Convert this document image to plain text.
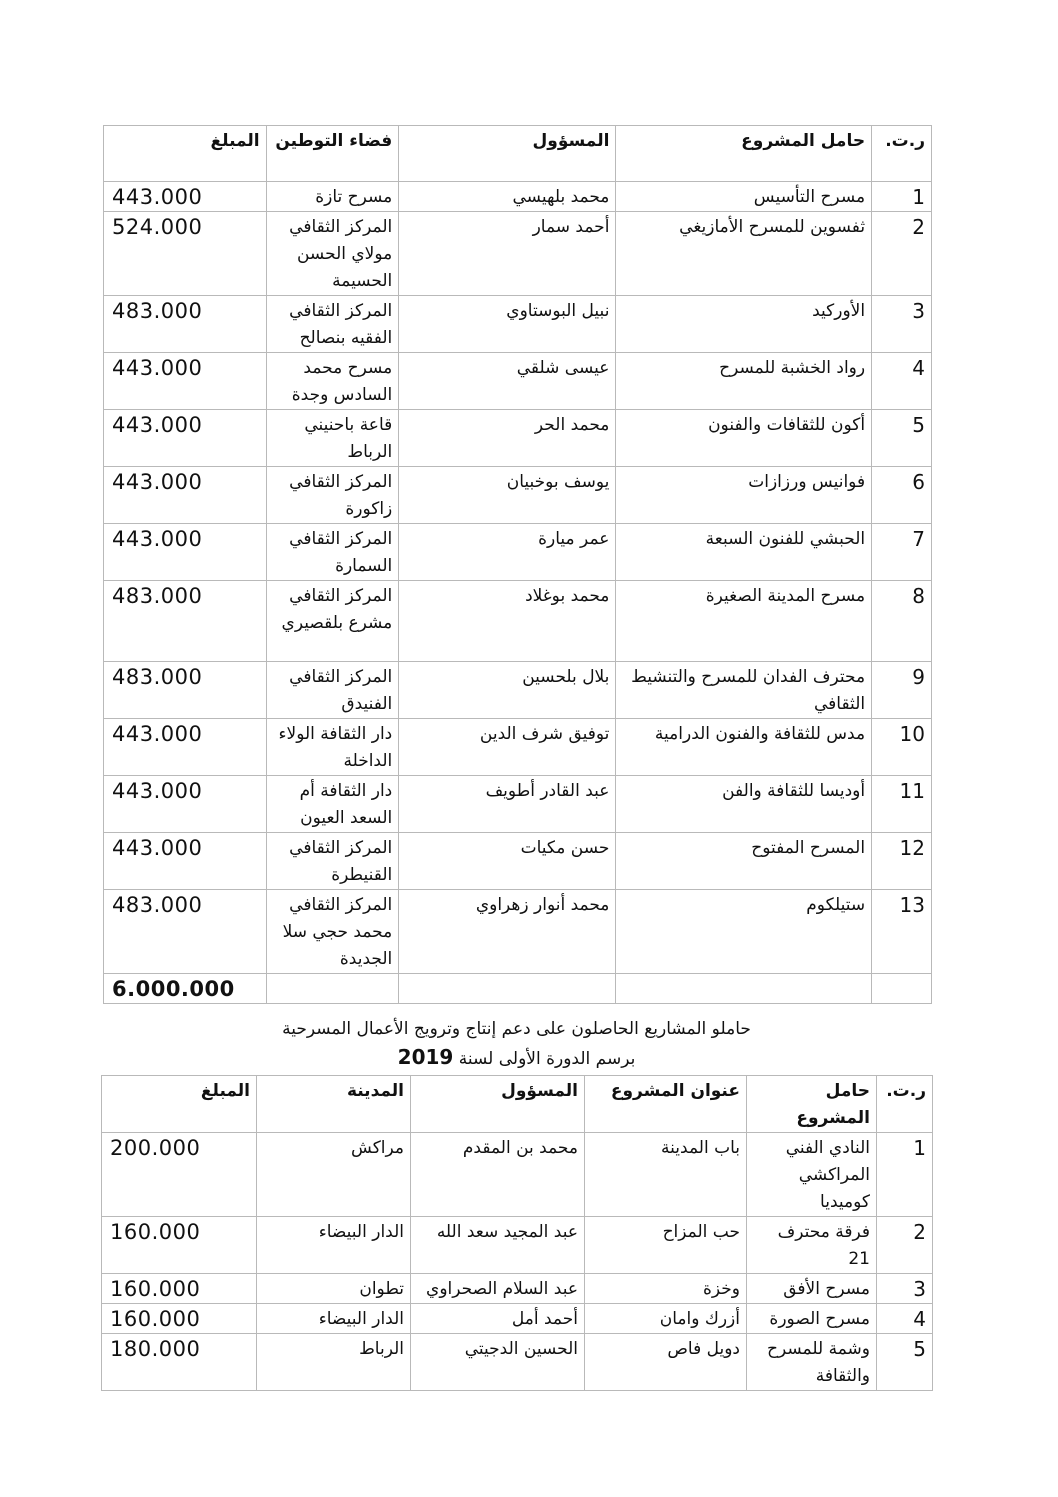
ر.ت.	حامل المشروع	المسؤول	فضاء التوطين	المبلغ
1	مسرح التأسيس	محمد بلهيسي	مسرح تازة	443.000
2	ثفسوين للمسرح الأمازيغي	أحمد سمار	المركز الثقافي مولاي الحسن الحسيمة	524.000
3	الأوركيد	نبيل البوستاوي	المركز الثقافي الفقيه بنصالح	483.000
4	رواد الخشبة للمسرح	عيسى شلقي	مسرح محمد السادس وجدة	443.000
5	أكون للثقافات والفنون	محمد الحر	قاعة باحنيني الرباط	443.000
6	فوانيس ورزازات	يوسف بوخبيان	المركز الثقافي زاكورة	443.000
7	الحبشي للفنون السبعة	عمر ميارة	المركز الثقافي السمارة	443.000
8	مسرح المدينة الصغيرة	محمد بوغلاد	المركز الثقافي مشرع بلقصيري	483.000
9	محترف الفدان للمسرح والتنشيط الثقافي	بلال بلحسين	المركز الثقافي الفنيدق	483.000
10	مدس للثقافة والفنون الدرامية	توفيق شرف الدين	دار الثقافة الولاء الداخلة	443.000
11	أوديسا للثقافة والفن	عبد القادر أطويف	دار الثقافة أم السعد العيون	443.000
12	المسرح المفتوح	حسن مكيات	المركز الثقافي القنيطرة	443.000
13	ستيلكوم	محمد أنوار زهراوي	المركز الثقافي محمد حجي سلا الجديدة	483.000
				6.000.000
حاملو المشاريع الحاصلون على دعم إنتاج وترويج الأعمال المسرحية
برسم الدورة الأولى لسنة 2019
ر.ت.	حامل المشروع	عنوان المشروع	المسؤول	المدينة	المبلغ
1	النادي الفني المراكشي كوميديا	باب المدينة	محمد بن المقدم	مراكش	200.000
2	فرقة محترف 21	حب المزاح	عبد المجيد سعد الله	الدار البيضاء	160.000
3	مسرح الأفق	وخزة	عبد السلام الصحراوي	تطوان	160.000
4	مسرح الصورة	أزرك وامان	أحمد أمل	الدار البيضاء	160.000
5	وشمة للمسرح والثقافة	دويل فاص	الحسين الدجيتي	الرباط	180.000
